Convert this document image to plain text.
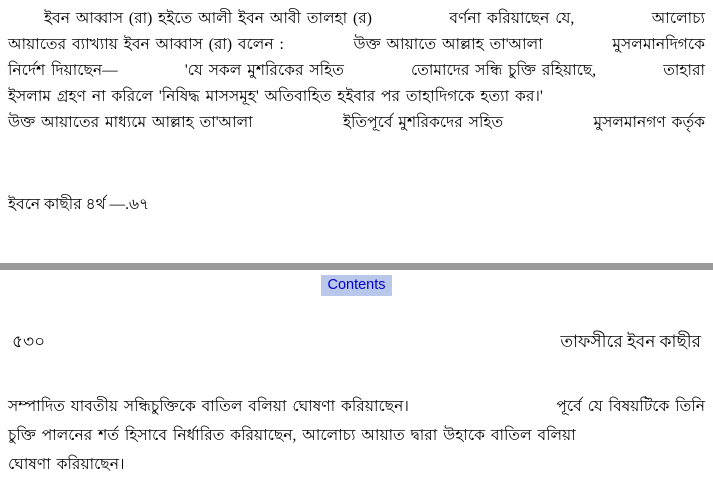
ইবন আব্বাস (রা) হইতে আলী ইবন আবী তালহা (র)	বর্ণনা করিয়াছেন যে,	আলোচ্য
আয়াতের ব্যাখ্যায় ইবন আব্বাস (রা) বলেন :	উক্ত আয়াতে আল্লাহ তা'আলা	মুসলমানদিগকে
নির্দেশ দিয়াছেন—	'যে সকল মুশরিকের সহিত	তোমাদের সন্ধি চুক্তি রহিয়াছে,	তাহারা
ইসলাম গ্রহণ না করিলে 'নিষিদ্ধ মাসসমূহ' অতিবাহিত হইবার পর তাহাদিগকে হত্যা কর।'
উক্ত আয়াতের মাধ্যমে আল্লাহ তা'আলা	ইতিপূর্বে মুশরিকদের সহিত	মুসলমানগণ কর্তৃক
ইবনে কাছীর ৪র্থ —.৬৭
Contents
৫৩০	তাফসীরে ইবন কাছীর
সম্পাদিত যাবতীয় সন্ধিচুক্তিকে বাতিল বলিয়া ঘোষণা করিয়াছেন।	পূর্বে যে বিষয়টিকে তিনি
চুক্তি পালনের শর্ত হিসাবে নির্ধারিত করিয়াছেন, আলোচ্য আয়াত দ্বারা উহাকে বাতিল বলিয়া
ঘোষণা করিয়াছেন।
